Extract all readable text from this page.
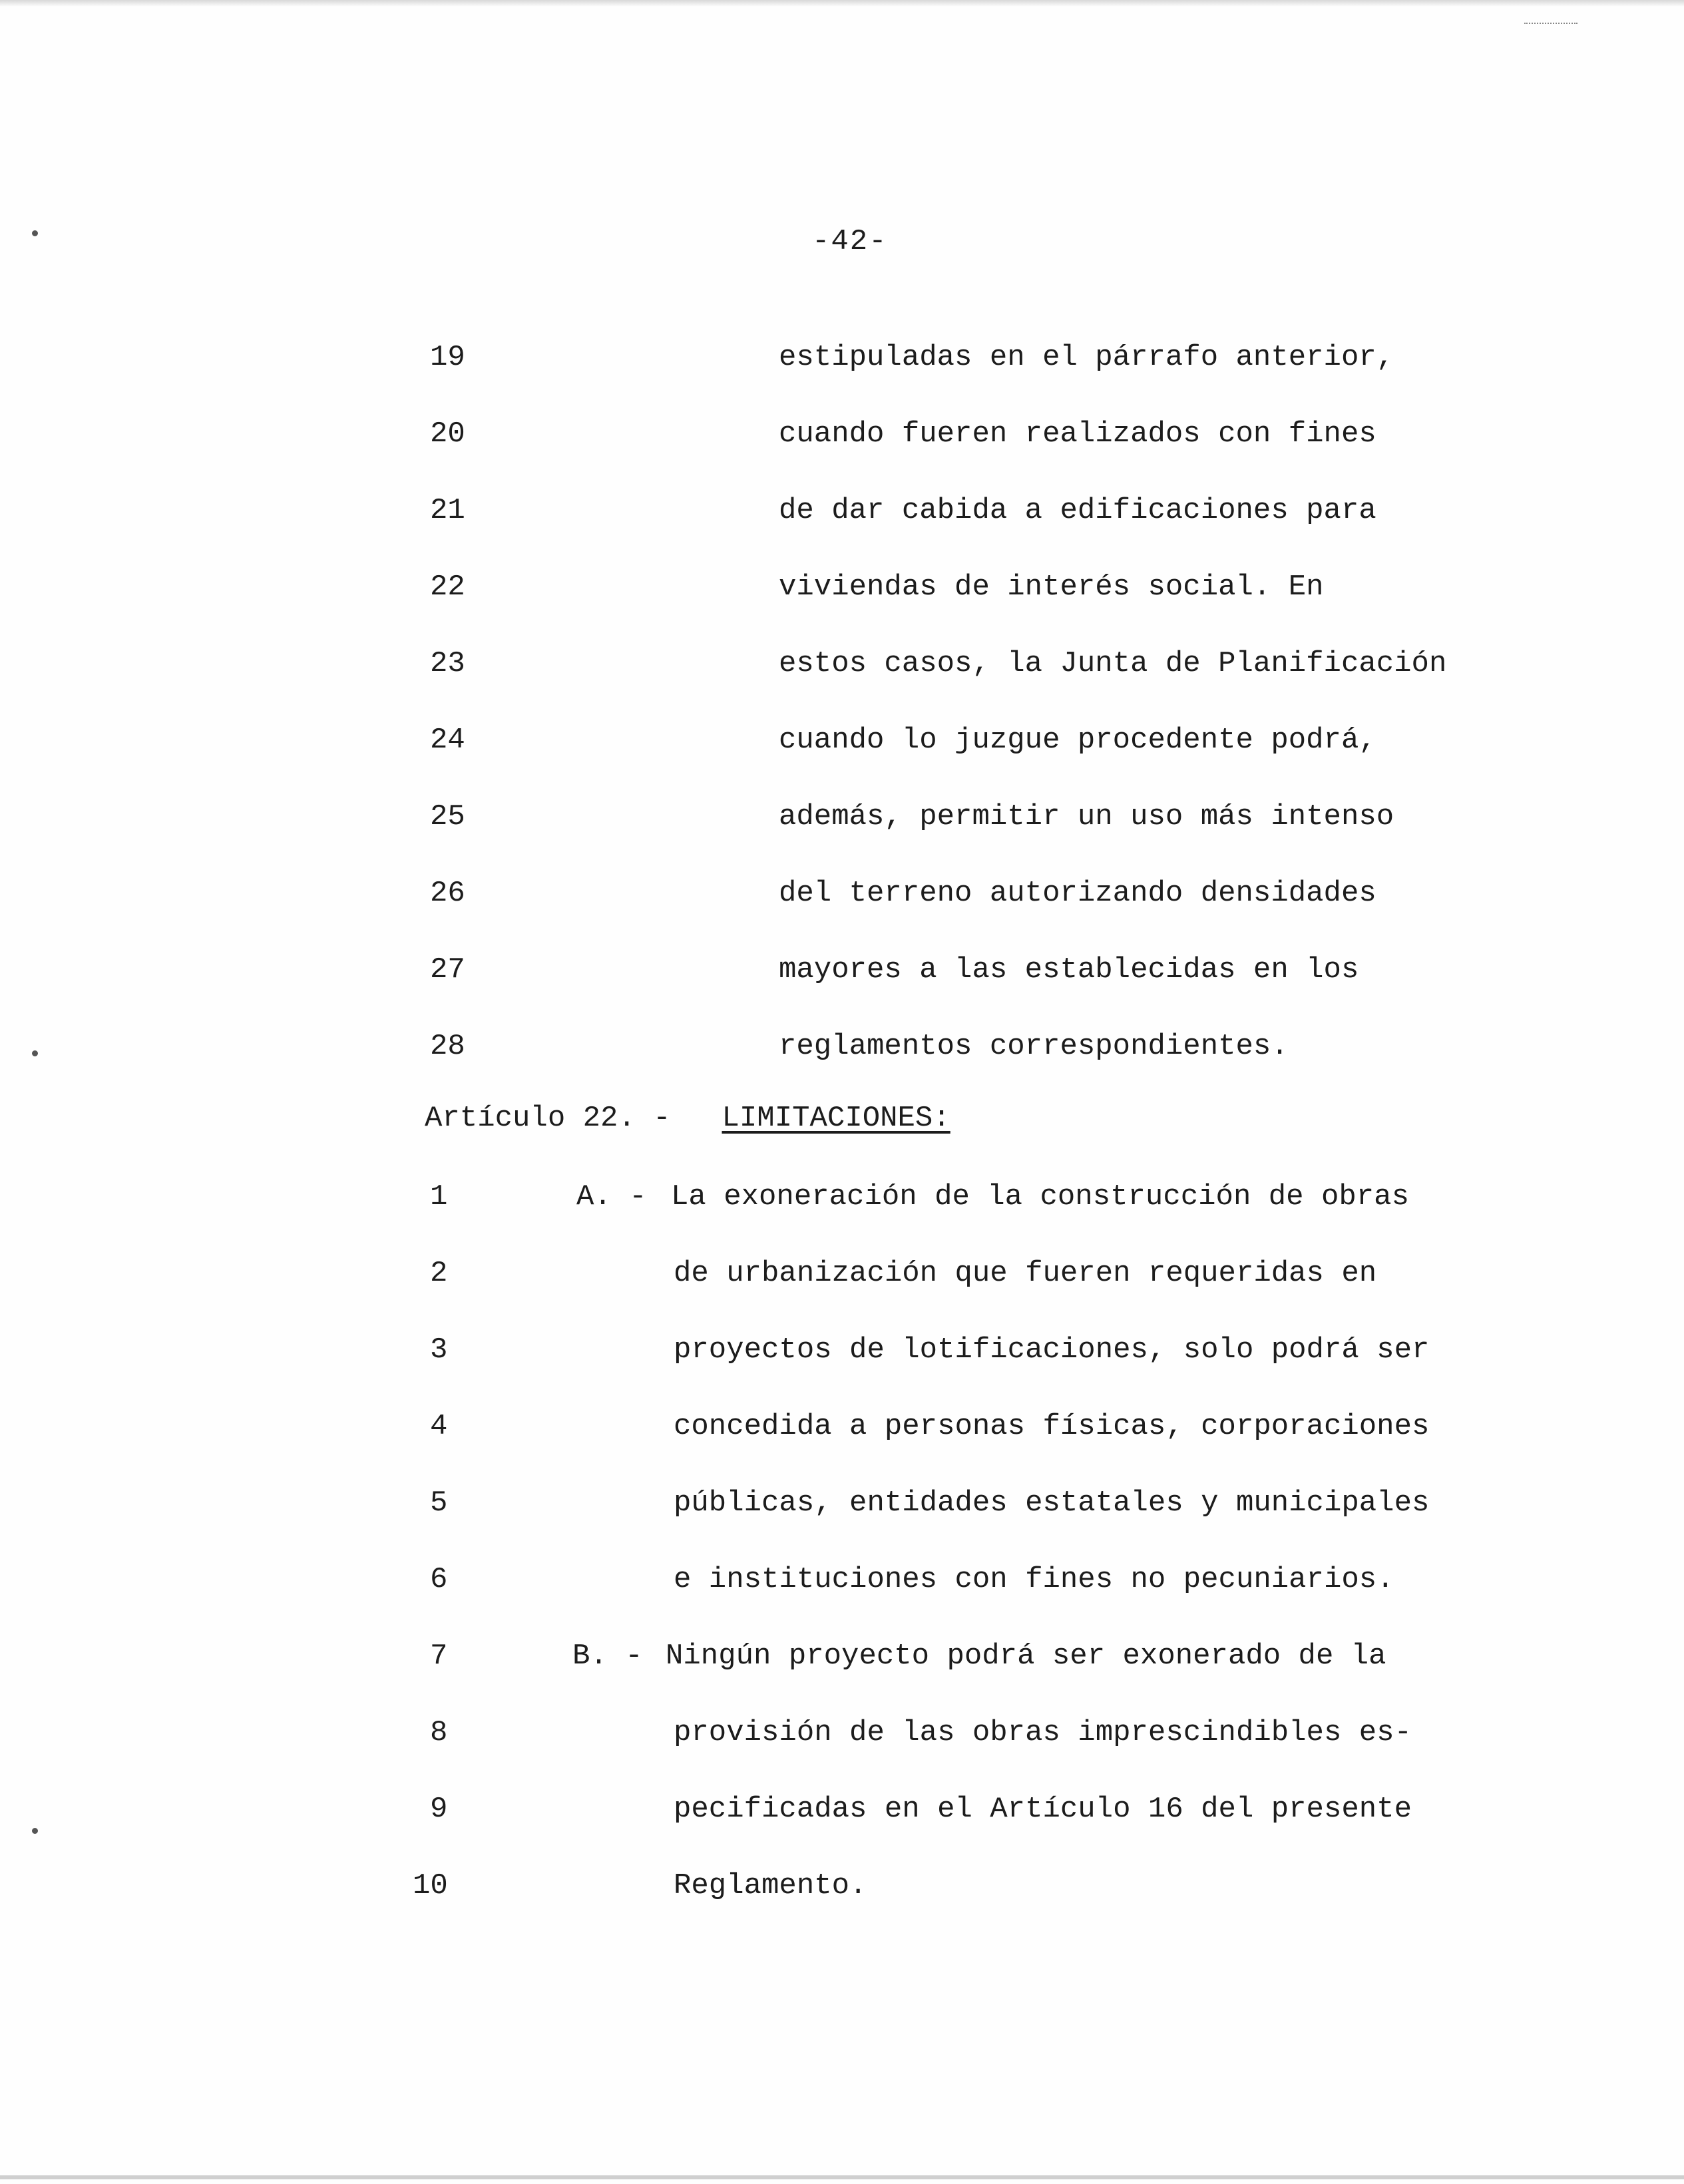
-42-
19
20
21
22
23
24
25
26
27
28
estipuladas en el párrafo anterior,
cuando fueren realizados con fines
de dar cabida a edificaciones para
viviendas de interés social. En
estos casos, la Junta de Planificación
cuando lo juzgue procedente podrá,
además, permitir un uso más intenso
del terreno autorizando densidades
mayores a las establecidas en los
reglamentos correspondientes.
Artículo 22. - LIMITACIONES:
1
2
3
4
5
6
7
8
9
10
A. -
B. -
La exoneración de la construcción de obras
de urbanización que fueren requeridas en
proyectos de lotificaciones, solo podrá ser
concedida a personas físicas, corporaciones
públicas, entidades estatales y municipales
e instituciones con fines no pecuniarios.
Ningún proyecto podrá ser exonerado de la
provisión de las obras imprescindibles es-
pecificadas en el Artículo 16 del presente
Reglamento.
